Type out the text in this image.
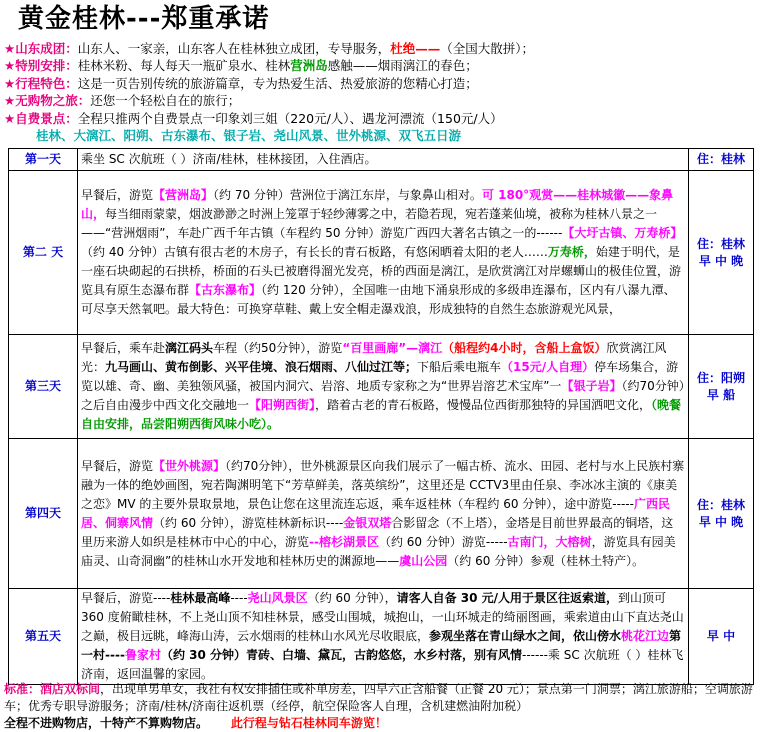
黄金桂林---郑重承诺
★山东成团：山东人、一家亲，山东客人在桂林独立成团，专导服务，杜绝——（全国大散拼）；
★特别安排：桂林米粉、每人每天一瓶矿泉水、桂林营洲岛感触——烟雨漓江的春色；
★行程特色：这是一页告别传统的旅游篇章，专为热爱生活、热爱旅游的您精心打造；
★无购物之旅：还您一个轻松自在的旅行；
★自费景点：全程只推两个自费景点一印象刘三姐（220元/人）、遇龙河漂流（150元/人）
桂林、大漓江、阳朔、古东瀑布、银子岩、尧山风景、世外桃源、双飞五日游
第一天	乘坐 SC 次航班（ ）济南/桂林，桂林接团，入住酒店。	住：桂林
第二 天	早餐后，游览【营洲岛】（约 70 分钟）营洲位于漓江东岸，与象鼻山相对。可 180°观赏——桂林城徽——象鼻山，每当细雨蒙蒙，烟波渺渺之时洲上笼罩于轻纱薄雾之中，若隐若现，宛若蓬莱仙境，被称为桂林八景之一——“营洲烟雨”，车赴广西千年古镇（车程约 50 分钟）游览广西四大著名古镇之一的------【大圩古镇、万寿桥】（约 40 分钟）古镇有很古老的木房子，有长长的青石板路，有悠闲晒着太阳的老人……万寿桥，始建于明代，是一座石块砌起的石拱桥，桥面的石头已被磨得溜光发亮，桥的西面是漓江，是欣赏漓江对岸螺蛳山的极佳位置，游览具有原生态瀑布群【古东瀑布】（约 120 分钟），全国唯一由地下涌泉形成的多级串连瀑布，区内有八瀑九潭、可尽享天然氧吧。最大特色：可换穿草鞋、戴上安全帽走瀑戏浪，形成独特的自然生态旅游观光风景，	住：桂林 早 中 晚
第三天	早餐后，乘车赴漓江码头车程（约50分钟），游览“百里画廊”—漓江（船程约4小时，含船上盒饭）欣赏漓江风光：九马画山、黄布倒影、兴平佳境、浪石烟雨、八仙过江等；下船后乘电瓶车（15元/人自理）停车场集合，游览以雄、奇、幽、美独领风骚，被国内洞穴、岩溶、地质专家称之为“世界岩溶艺术宝库”一【银子岩】（约70分钟）之后自由漫步中西文化交融地一【阳朔西街】，踏着古老的青石板路，慢慢品位西街那独特的异国洒吧文化，（晚餐自由安排，品尝阳朔西街风味小吃）。	住：阳朔 早 船
第四天	早餐后，游览【世外桃源】（约70分钟），世外桃源景区向我们展示了一幅古桥、流水、田园、老村与水上民族村寨融为一体的绝妙画图，宛若陶渊明笔下“芳草鲜美，落英缤纷”，这里还是 CCTV3里由任泉、李冰冰主演的《康美之恋》MV 的主要外景取景地，景色让您在这里流连忘返，乘车返桂林（车程约 60 分钟），途中游览-----广西民居、侗寨风情（约 60 分钟），游览桂林新标识----金银双塔合影留念（不上塔），金塔是目前世界最高的铜塔，这里历来游人如织是桂林市中心的中心，游览--榕杉湖景区（约 60 分钟）游览-----古南门，大榕树，游览具有园美庙灵、山奇洞幽”的桂林山水开发地和桂林历史的渊源地——虞山公园（约 60 分钟）参观（桂林土特产）。	住：桂林 早 中 晚
第五天	早餐后，游览----桂林最高峰----尧山风景区（约 60 分钟），请客人自备 30 元/人用于景区往返索道，到山顶可 360 度俯瞰桂林，不上尧山顶不知桂林景，感受山围城，城抱山，一山环城走的绮丽图画，乘索道由山下直达尧山之巅，极目远眺，峰海山涛，云水烟雨的桂林山水风光尽收眼底，参观坐落在青山绿水之间，依山傍水桃花江边第一村----鲁家村（约 30 分钟）青砖、白墙、黛瓦，古韵悠悠，水乡村落，别有风情------乘 SC 次航班（ ）桂林飞济南，返回温馨的家园。	早 中
标准：酒店双标间，出现单男单女，我社有权安排插住或补单房差，四早六正含船餐（正餐 20 元）；景点第一门洞票；漓江旅游船；空调旅游车；优秀专职导游服务；济南/桂林/济南往返机票（经停，航空保险客人自理，含机建燃油附加税）
全程不进购物店，十特产不算购物店。 此行程与钻石桂林同车游览！
